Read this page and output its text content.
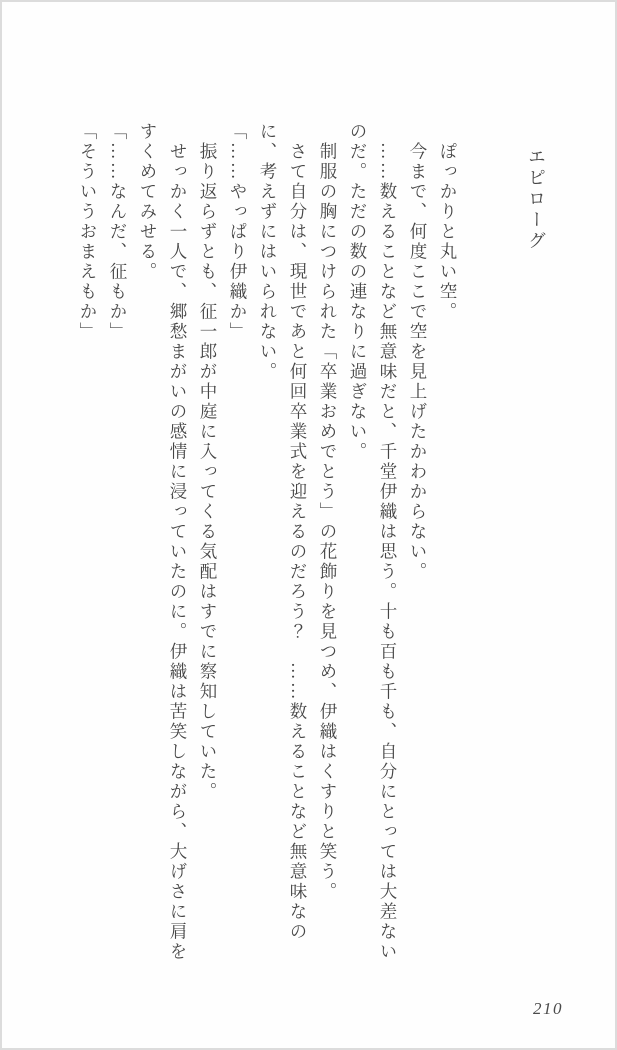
エピローグ

ぽっかりと丸い空。

今まで、何度ここで空を見上げたかわからない。

……数えることなど無意味だと、千堂伊織は思う。十も百も千も、自分にとっては大差ないのだ。ただの数の連なりに過ぎない。

制服の胸につけられた「卒業おめでとう」の花飾りを見つめ、伊織はくすりと笑う。

さて自分は、現世であと何回卒業式を迎えるのだろう？　……数えることなど無意味なのに、考えずにはいられない。

「……やっぱり伊織か」

振り返らずとも、征一郎が中庭に入ってくる気配はすでに察知していた。

せっかく一人で、郷愁まがいの感情に浸っていたのに。伊織は苦笑しながら、大げさに肩をすくめてみせる。

「……なんだ、征もか」

「そういうおまえもか」

210
